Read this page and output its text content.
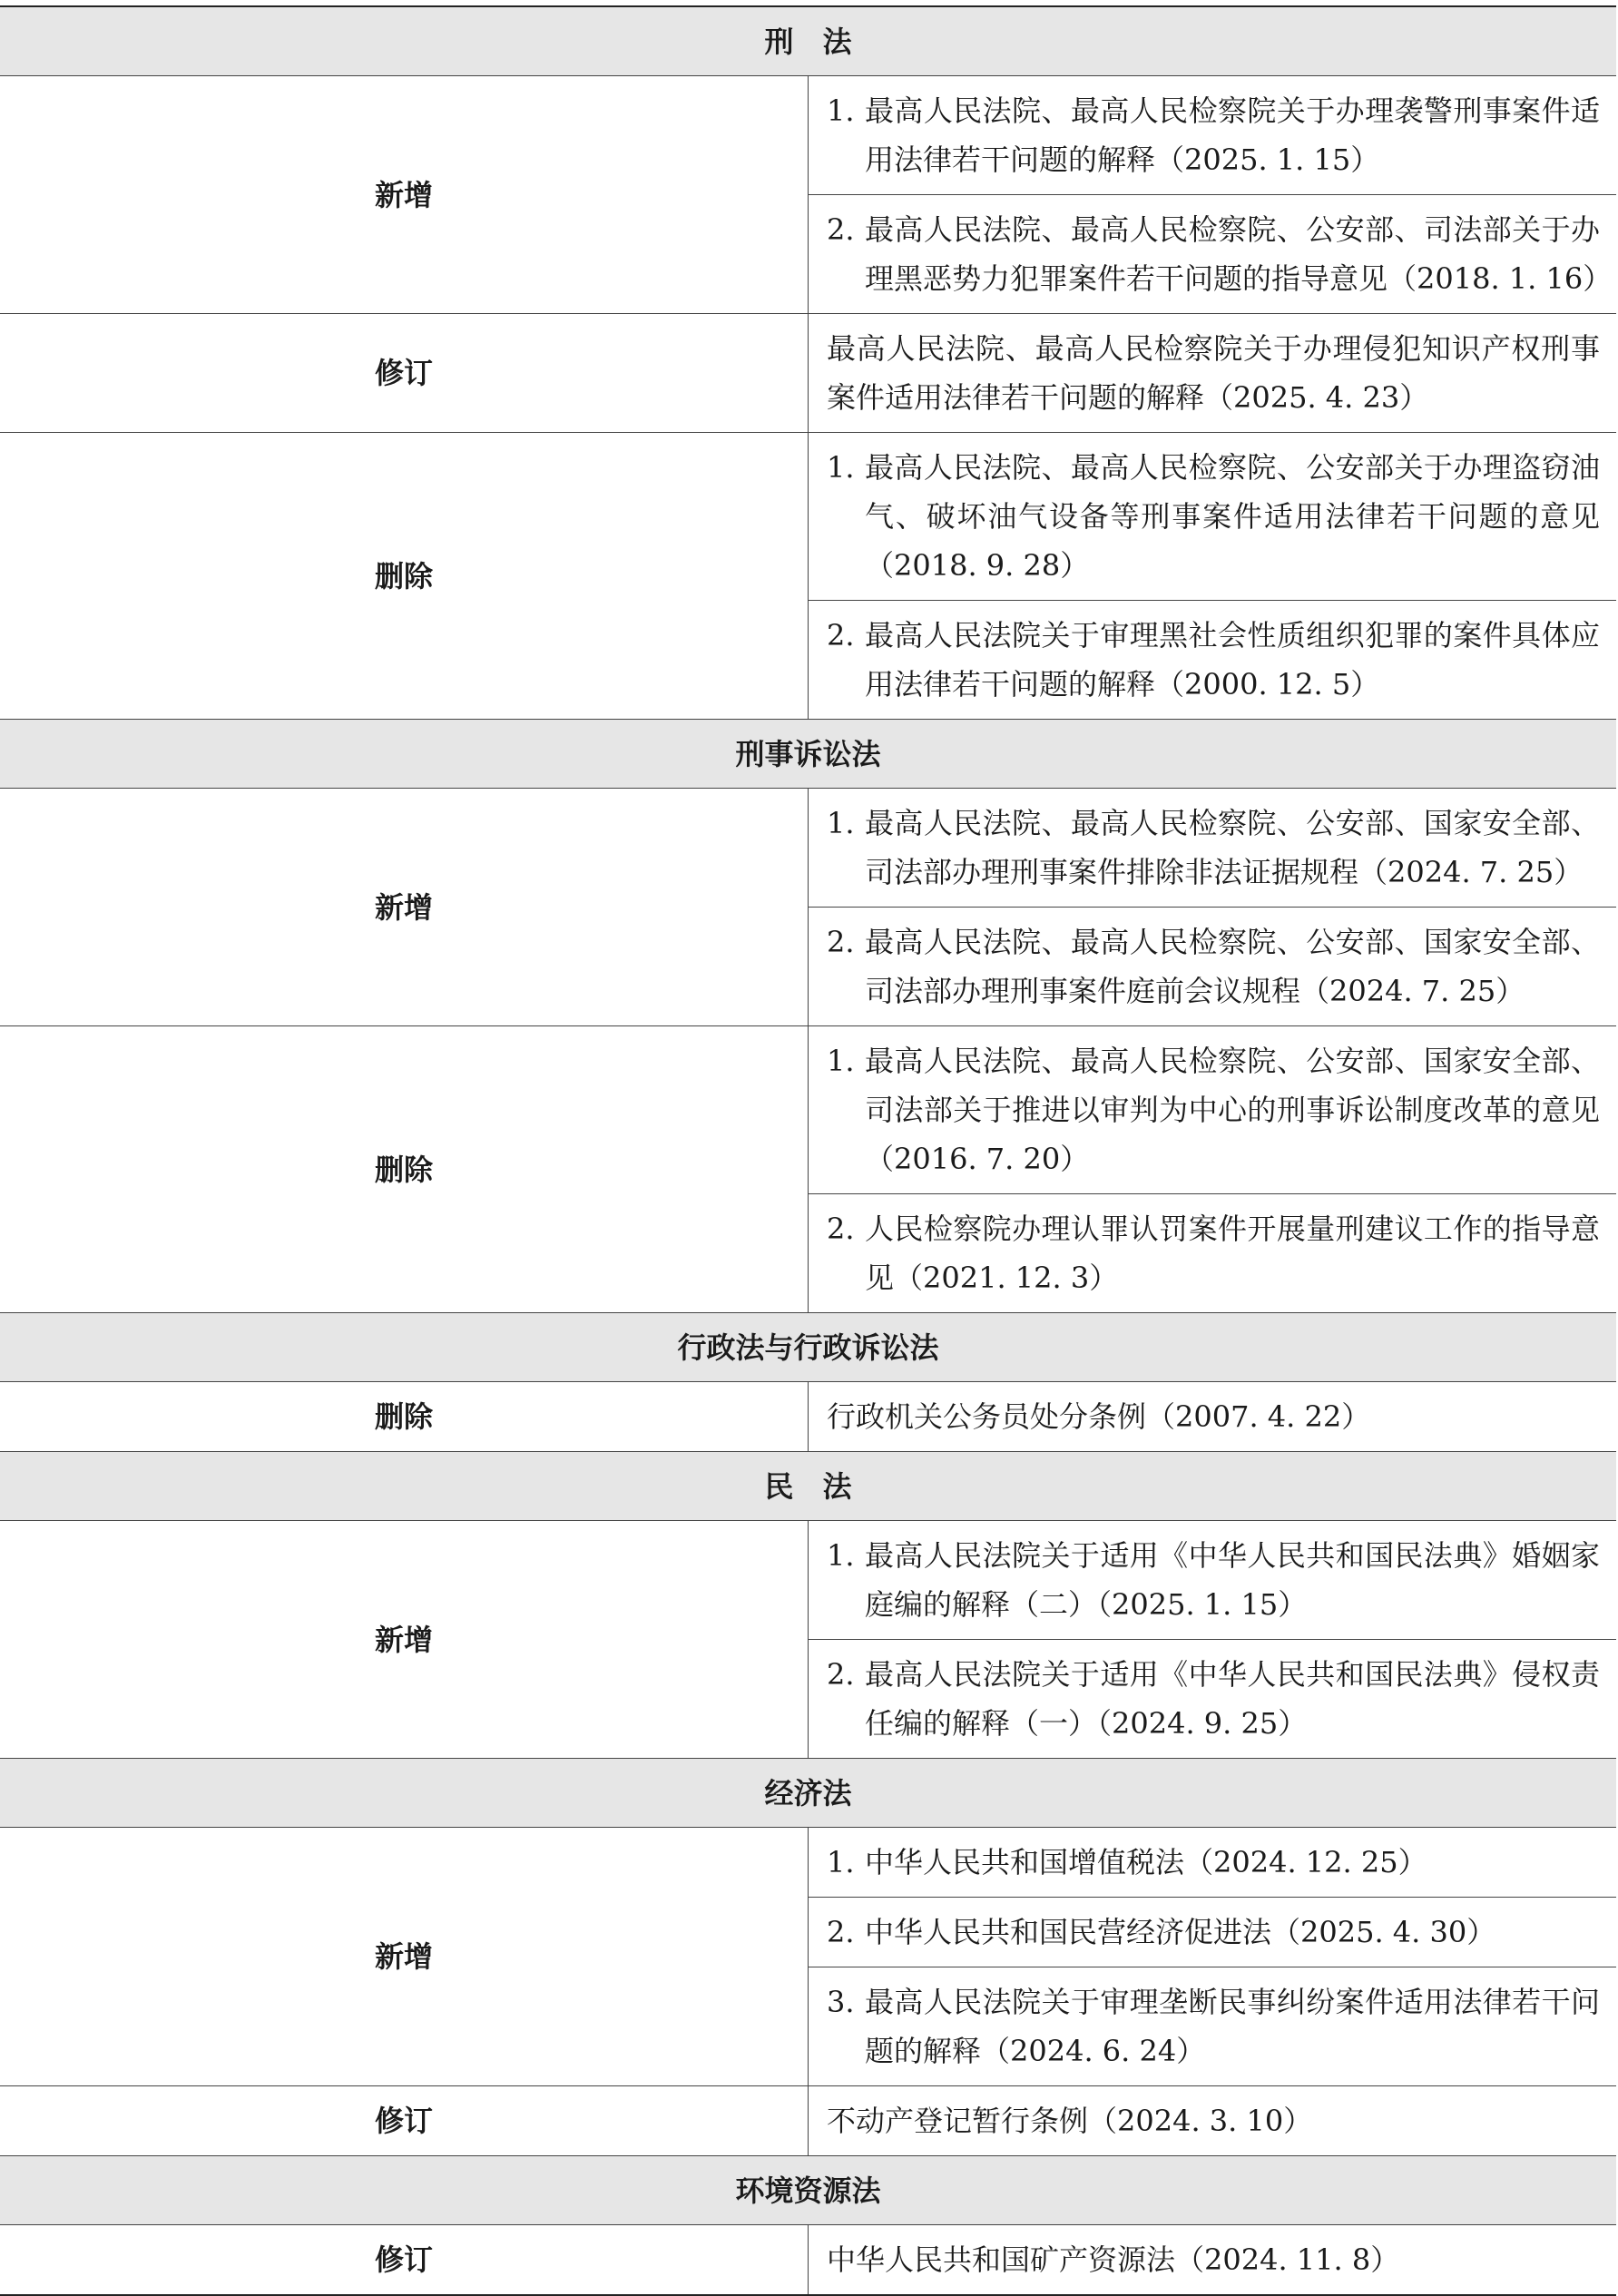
刑　法	
新增	1. 最高人民法院、最高人民检察院关于办理袭警刑事案件适用法律若干问题的解释（2025. 1. 15）

	2. 最高人民法院、最高人民检察院、公安部、司法部关于办理黑恶势力犯罪案件若干问题的指导意见（2018. 1. 16）

修订	最高人民法院、最高人民检察院关于办理侵犯知识产权刑事案件适用法律若干问题的解释（2025. 4. 23）

删除	1. 最高人民法院、最高人民检察院、公安部关于办理盗窃油气、破坏油气设备等刑事案件适用法律若干问题的意见（2018. 9. 28）

	2. 最高人民法院关于审理黑社会性质组织犯罪的案件具体应用法律若干问题的解释（2000. 12. 5）

刑事诉讼法	
新增	1. 最高人民法院、最高人民检察院、公安部、国家安全部、司法部办理刑事案件排除非法证据规程（2024. 7. 25）

	2. 最高人民法院、最高人民检察院、公安部、国家安全部、司法部办理刑事案件庭前会议规程（2024. 7. 25）

删除	1. 最高人民法院、最高人民检察院、公安部、国家安全部、司法部关于推进以审判为中心的刑事诉讼制度改革的意见（2016. 7. 20）

	2. 人民检察院办理认罪认罚案件开展量刑建议工作的指导意见（2021. 12. 3）

行政法与行政诉讼法	
删除	行政机关公务员处分条例（2007. 4. 22）

民　法	
新增	1. 最高人民法院关于适用《中华人民共和国民法典》婚姻家庭编的解释（二）（2025. 1. 15）

	2. 最高人民法院关于适用《中华人民共和国民法典》侵权责任编的解释（一）（2024. 9. 25）

经济法	
新增	1. 中华人民共和国增值税法（2024. 12. 25）

	2. 中华人民共和国民营经济促进法（2025. 4. 30）

	3. 最高人民法院关于审理垄断民事纠纷案件适用法律若干问题的解释（2024. 6. 24）

修订	不动产登记暂行条例（2024. 3. 10）

环境资源法	
修订	中华人民共和国矿产资源法（2024. 11. 8）
